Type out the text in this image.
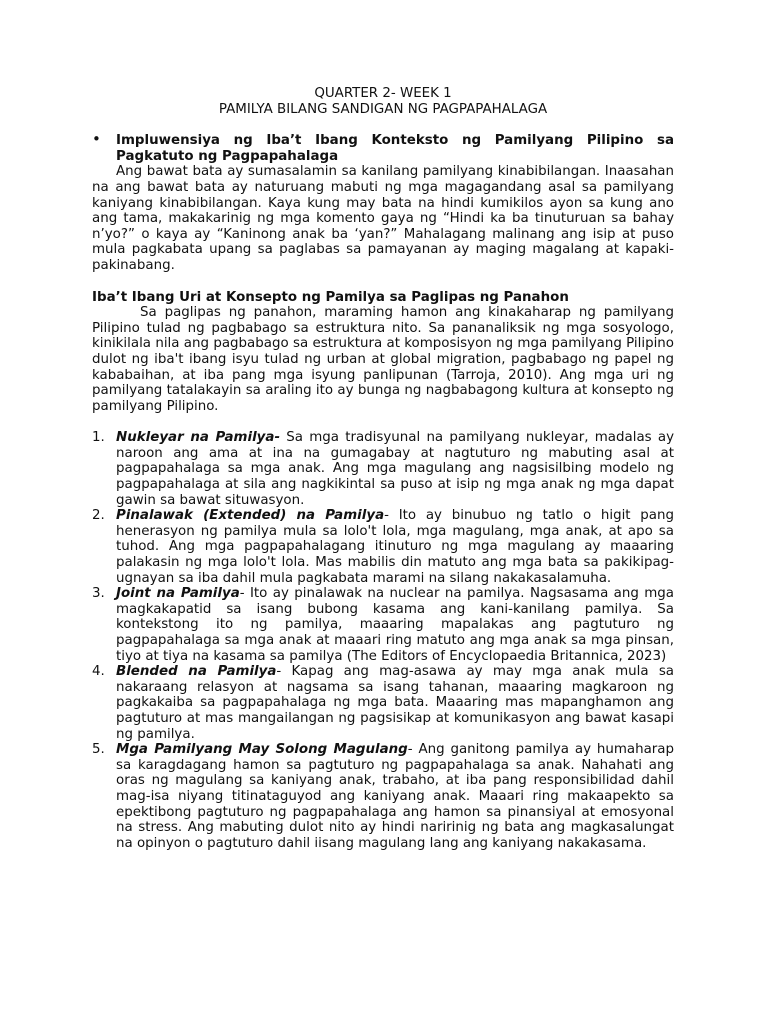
QUARTER 2- WEEK 1
PAMILYA BILANG SANDIGAN NG PAGPAPAHALAGA
• Impluwensiya ng Iba’t Ibang Konteksto ng Pamilyang Pilipino sa Pagkatuto ng Pagpapahalaga

Ang bawat bata ay sumasalamin sa kanilang pamilyang kinabibilangan. Inaasahan na ang bawat bata ay naturuang mabuti ng mga magagandang asal sa pamilyang kaniyang kinabibilangan. Kaya kung may bata na hindi kumikilos ayon sa kung ano ang tama, makakarinig ng mga komento gaya ng “Hindi ka ba tinuturuan sa bahay n’yo?” o kaya ay “Kaninong anak ba ‘yan?” Mahalagang malinang ang isip at puso mula pagkabata upang sa paglabas sa pamayanan ay maging magalang at kapaki-pakinabang.

Iba’t Ibang Uri at Konsepto ng Pamilya sa Paglipas ng Panahon

Sa paglipas ng panahon, maraming hamon ang kinakaharap ng pamilyang Pilipino tulad ng pagbabago sa estruktura nito. Sa pananaliksik ng mga sosyologo, kinikilala nila ang pagbabago sa estruktura at komposisyon ng mga pamilyang Pilipino dulot ng iba't ibang isyu tulad ng urban at global migration, pagbabago ng papel ng kababaihan, at iba pang mga isyung panlipunan (Tarroja, 2010). Ang mga uri ng pamilyang tatalakayin sa araling ito ay bunga ng nagbabagong kultura at konsepto ng pamilyang Pilipino.

1. Nukleyar na Pamilya- Sa mga tradisyunal na pamilyang nukleyar, madalas ay naroon ang ama at ina na gumagabay at nagtuturo ng mabuting asal at pagpapahalaga sa mga anak. Ang mga magulang ang nagsisilbing modelo ng pagpapahalaga at sila ang nagkikintal sa puso at isip ng mga anak ng mga dapat gawin sa bawat situwasyon.
2. Pinalawak (Extended) na Pamilya- Ito ay binubuo ng tatlo o higit pang henerasyon ng pamilya mula sa lolo't lola, mga magulang, mga anak, at apo sa tuhod. Ang mga pagpapahalagang itinuturo ng mga magulang ay maaaring palakasin ng mga lolo't lola. Mas mabilis din matuto ang mga bata sa pakikipag-ugnayan sa iba dahil mula pagkabata marami na silang nakakasalamuha.
3. Joint na Pamilya- Ito ay pinalawak na nuclear na pamilya. Nagsasama ang mga magkakapatid sa isang bubong kasama ang kani-kanilang pamilya. Sa kontekstong ito ng pamilya, maaaring mapalakas ang pagtuturo ng pagpapahalaga sa mga anak at maaari ring matuto ang mga anak sa mga pinsan, tiyo at tiya na kasama sa pamilya (The Editors of Encyclopaedia Britannica, 2023)
4. Blended na Pamilya- Kapag ang mag-asawa ay may mga anak mula sa nakaraang relasyon at nagsama sa isang tahanan, maaaring magkaroon ng pagkakaiba sa pagpapahalaga ng mga bata. Maaaring mas mapanghamon ang pagtuturo at mas mangailangan ng pagsisikap at komunikasyon ang bawat kasapi ng pamilya.
5. Mga Pamilyang May Solong Magulang- Ang ganitong pamilya ay humaharap sa karagdagang hamon sa pagtuturo ng pagpapahalaga sa anak. Nahahati ang oras ng magulang sa kaniyang anak, trabaho, at iba pang responsibilidad dahil mag-isa niyang titinataguyod ang kaniyang anak. Maaari ring makaapekto sa epektibong pagtuturo ng pagpapahalaga ang hamon sa pinansiyal at emosyonal na stress. Ang mabuting dulot nito ay hindi naririnig ng bata ang magkasalungat na opinyon o pagtuturo dahil iisang magulang lang ang kaniyang nakakasama.
